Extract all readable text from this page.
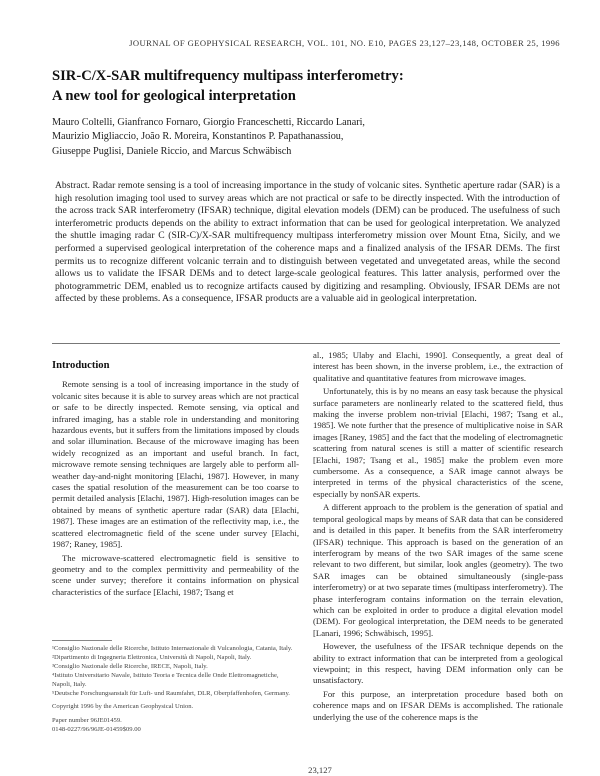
JOURNAL OF GEOPHYSICAL RESEARCH, VOL. 101, NO. E10, PAGES 23,127–23,148, OCTOBER 25, 1996
SIR-C/X-SAR multifrequency multipass interferometry:
A new tool for geological interpretation
Mauro Coltelli, Gianfranco Fornaro, Giorgio Franceschetti, Riccardo Lanari,
Maurizio Migliaccio, João R. Moreira, Konstantinos P. Papathanassiou,
Giuseppe Puglisi, Daniele Riccio, and Marcus Schwäbisch
Abstract. Radar remote sensing is a tool of increasing importance in the study of volcanic sites. Synthetic aperture radar (SAR) is a high resolution imaging tool used to survey areas which are not practical or safe to be directly inspected. With the introduction of the across track SAR interferometry (IFSAR) technique, digital elevation models (DEM) can be produced. The usefulness of such interferometric products depends on the ability to extract information that can be used for geological interpretation. We analyzed the shuttle imaging radar C (SIR-C)/X-SAR multifrequency multipass interferometry mission over Mount Etna, Sicily, and we performed a supervised geological interpretation of the coherence maps and a finalized analysis of the IFSAR DEMs. The first permits us to recognize different volcanic terrain and to distinguish between vegetated and unvegetated areas, while the second allows us to validate the IFSAR DEMs and to detect large-scale geological features. This latter analysis, performed over the photogrammetric DEM, enabled us to recognize artifacts caused by digitizing and resampling. Obviously, IFSAR DEMs are not affected by these problems. As a consequence, IFSAR products are a valuable aid in geological interpretation.

Introduction

Remote sensing is a tool of increasing importance in the study of volcanic sites because it is able to survey areas which are not practical or safe to be directly inspected. Remote sensing, via optical and infrared imaging, has a stable role in understanding and monitoring hazardous events, but it suffers from the limitations imposed by clouds and solar illumination. Because of the microwave imaging has been widely recognized as an important and useful branch. In fact, microwave remote sensing techniques are largely able to perform all-weather day-and-night monitoring [Elachi, 1987]. However, in many cases the spatial resolution of the measurement can be too coarse to permit detailed analysis [Elachi, 1987]. High-resolution images can be obtained by means of synthetic aperture radar (SAR) data [Elachi, 1987]. These images are an estimation of the reflectivity map, i.e., the scattered electromagnetic field of the scene under survey [Elachi, 1987; Raney, 1985].

The microwave-scattered electromagnetic field is sensitive to geometry and to the complex permittivity and permeability of the scene under survey; therefore it contains information on physical characteristics of the surface [Elachi, 1987; Tsang et

¹Consiglio Nazionale delle Ricerche, Istituto Internazionale di Vulcanologia, Catania, Italy.
²Dipartimento di Ingegneria Elettronica, Università di Napoli, Napoli, Italy.
³Consiglio Nazionale delle Ricerche, IRECE, Napoli, Italy.
⁴Istituto Universitario Navale, Istituto Teoria e Tecnica delle Onde Elettromagnetiche, Napoli, Italy.
⁵Deutsche Forschungsanstalt für Luft- und Raumfahrt, DLR, Oberpfaffenhofen, Germany.
Copyright 1996 by the American Geophysical Union.
Paper number 96JE01459.
0148-0227/96/96JE-01459$09.00

al., 1985; Ulaby and Elachi, 1990]. Consequently, a great deal of interest has been shown, in the inverse problem, i.e., the extraction of qualitative and quantitative features from microwave images.

Unfortunately, this is by no means an easy task because the physical surface parameters are nonlinearly related to the scattered field, thus making the inverse problem non-trivial [Elachi, 1987; Tsang et al., 1985]. We note further that the presence of multiplicative noise in SAR images [Raney, 1985] and the fact that the modeling of electromagnetic scattering from natural scenes is still a matter of scientific research [Elachi, 1987; Tsang et al., 1985] make the problem even more cumbersome. As a consequence, a SAR image cannot always be interpreted in terms of the physical characteristics of the scene, especially by nonSAR experts.

A different approach to the problem is the generation of spatial and temporal geological maps by means of SAR data that can be considered and is detailed in this paper. It benefits from the SAR interferometry (IFSAR) technique. This approach is based on the generation of an interferogram by means of the two SAR images of the same scene relevant to two different, but similar, look angles (geometry). The two SAR images can be obtained simultaneously (single-pass interferometry) or at two separate times (multipass interferometry). The phase interferogram contains information on the terrain elevation, which can be exploited in order to produce a digital elevation model (DEM). For geological interpretation, the DEM needs to be generated [Lanari, 1996; Schwäbisch, 1995].

However, the usefulness of the IFSAR technique depends on the ability to extract information that can be interpreted from a geological viewpoint; in this respect, having DEM information only can be unsatisfactory.

For this purpose, an interpretation procedure based both on coherence maps and on IFSAR DEMs is accomplished. The rationale underlying the use of the coherence maps is the

23,127
